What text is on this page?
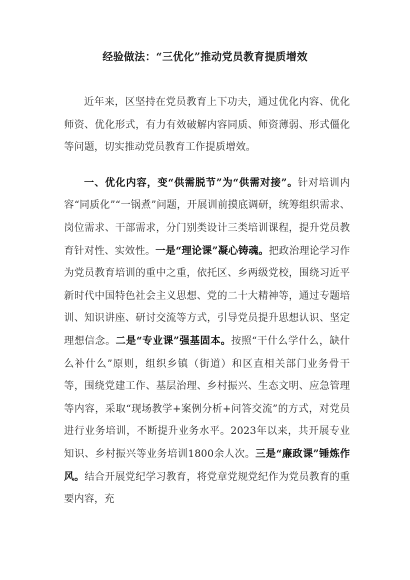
经验做法：“三优化”推动党员教育提质增效

近年来，区坚持在党员教育上下功夫，通过优化内容、优化师资、优化形式，有力有效破解内容同质、师资薄弱、形式僵化等问题，切实推动党员教育工作提质增效。

一、优化内容，变“供需脱节”为“供需对接”。针对培训内容“同质化”“一锅煮”问题，开展训前摸底调研，统筹组织需求、岗位需求、干部需求，分门别类设计三类培训课程，提升党员教育针对性、实效性。一是“理论课”凝心铸魂。把政治理论学习作为党员教育培训的重中之重，依托区、乡两级党校，围绕习近平新时代中国特色社会主义思想、党的二十大精神等，通过专题培训、知识讲座、研讨交流等方式，引导党员提升思想认识、坚定理想信念。二是“专业课”强基固本。按照“干什么学什么，缺什么补什么”原则，组织乡镇（街道）和区直相关部门业务骨干等，围绕党建工作、基层治理、乡村振兴、生态文明、应急管理等内容，采取“现场教学+案例分析+问答交流”的方式，对党员进行业务培训，不断提升业务水平。2023年以来，共开展专业知识、乡村振兴等业务培训1800余人次。三是“廉政课”锤炼作风。结合开展党纪学习教育，将党章党规党纪作为党员教育的重要内容，充
